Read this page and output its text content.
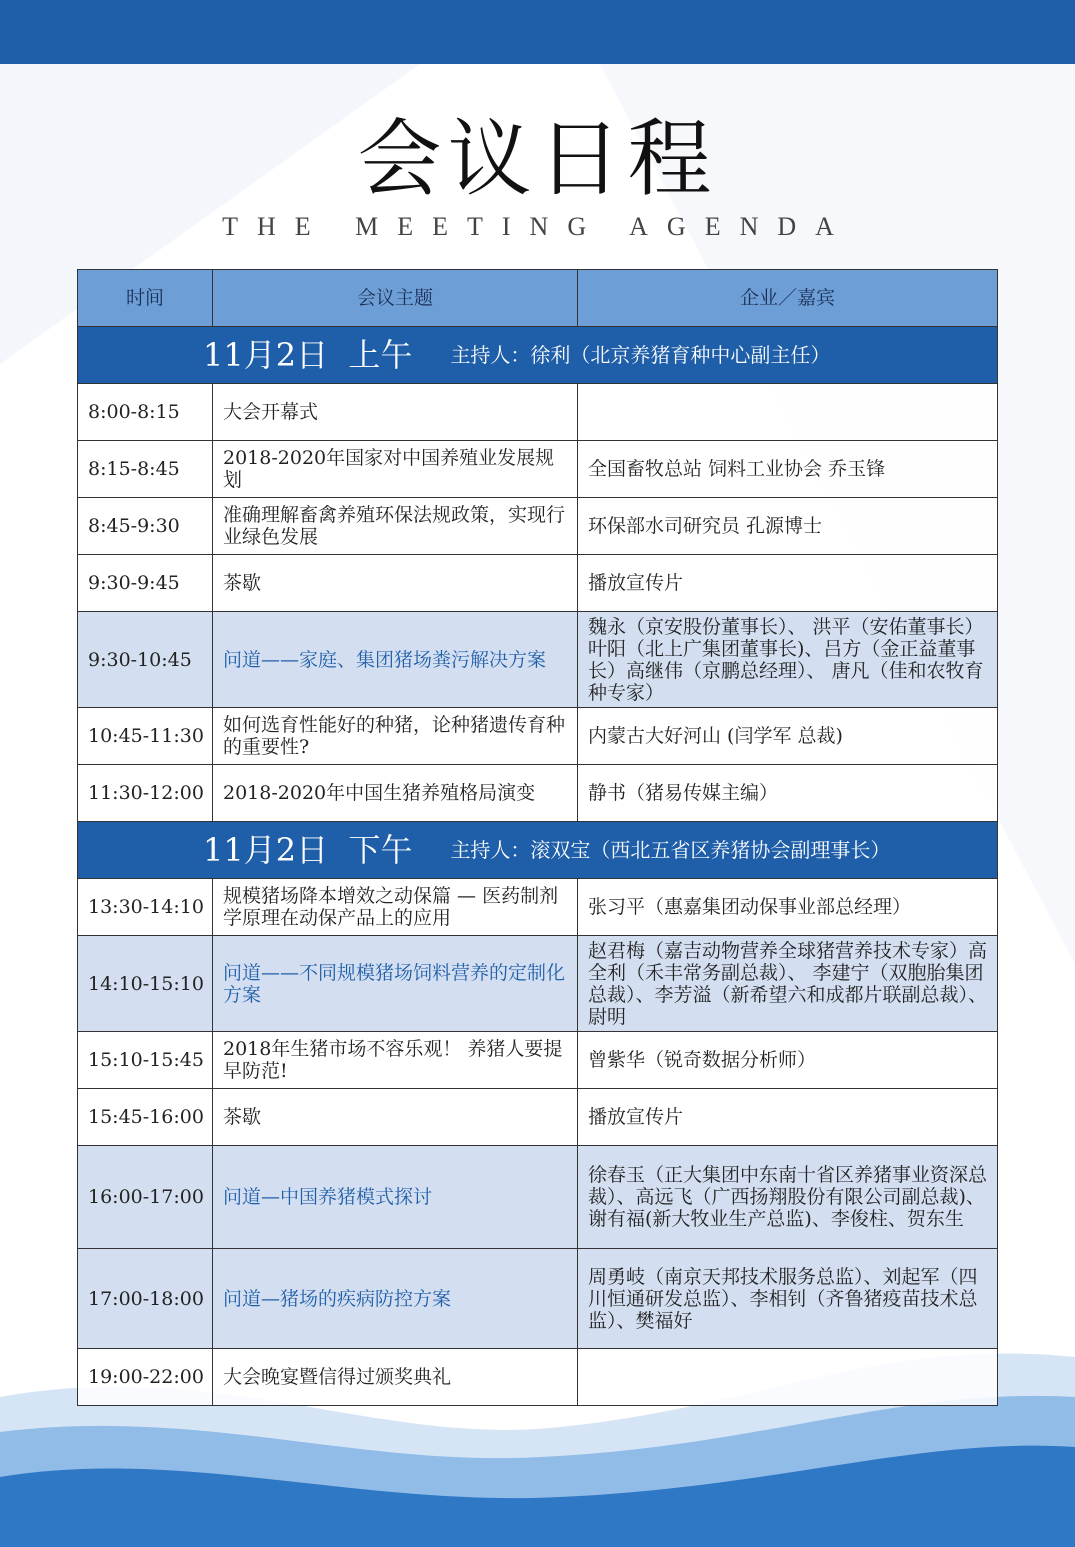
会议日程
THE MEETING AGENDA
时间	会议主题	企业／嘉宾

11月2日  上午 主持人：徐利（北京养猪育种中心副主任）		

8:00-8:15	大会开幕式	
8:15-8:45	2018-2020年国家对中国养殖业发展规划	全国畜牧总站 饲料工业协会 乔玉锋
8:45-9:30	准确理解畜禽养殖环保法规政策，实现行业绿色发展	环保部水司研究员 孔源博士
9:30-9:45	茶歇	播放宣传片
9:30-10:45	问道——家庭、集团猪场粪污解决方案	魏永（京安股份董事长）、 洪平（安佑董事长）叶阳（北上广集团董事长)、吕方（金正益董事长）高继伟（京鹏总经理）、 唐凡（佳和农牧育种专家）
10:45-11:30	如何选育性能好的种猪，论种猪遗传育种的重要性?	内蒙古大好河山 (闫学军 总裁)
11:30-12:00	2018-2020年中国生猪养殖格局演变	静书（猪易传媒主编）

11月2日  下午 主持人：滚双宝（西北五省区养猪协会副理事长）		

13:30-14:10	规模猪场降本增效之动保篇 — 医药制剂学原理在动保产品上的应用	张习平（惠嘉集团动保事业部总经理）
14:10-15:10	问道——不同规模猪场饲料营养的定制化方案	赵君梅（嘉吉动物营养全球猪营养技术专家）高全利（禾丰常务副总裁）、 李建宁（双胞胎集团总裁）、李芳溢（新希望六和成都片联副总裁）、尉明
15:10-15:45	2018年生猪市场不容乐观！ 养猪人要提早防范!	曾紫华（锐奇数据分析师）
15:45-16:00	茶歇	播放宣传片
16:00-17:00	问道—中国养猪模式探讨	徐春玉（正大集团中东南十省区养猪事业资深总裁）、高远飞（广西扬翔股份有限公司副总裁)、谢有福(新大牧业生产总监)、李俊柱、贺东生
17:00-18:00	问道—猪场的疾病防控方案	周勇岐（南京天邦技术服务总监）、刘起军（四川恒通研发总监）、李相钊（齐鲁猪疫苗技术总监）、樊福好
19:00-22:00	大会晚宴暨信得过颁奖典礼	
